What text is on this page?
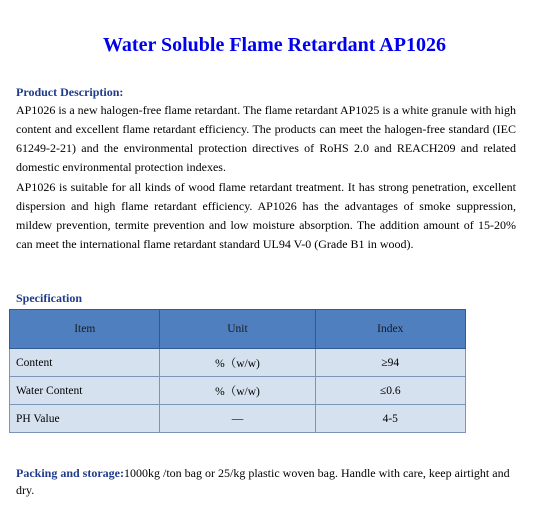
Water Soluble Flame Retardant AP1026
Product Description:

AP1026 is a new halogen-free flame retardant. The flame retardant AP1025 is a white granule with high content and excellent flame retardant efficiency. The products can meet the halogen-free standard (IEC 61249-2-21) and the environmental protection directives of RoHS 2.0 and REACH209 and related domestic environmental protection indexes.

AP1026 is suitable for all kinds of wood flame retardant treatment. It has strong penetration, excellent dispersion and high flame retardant efficiency. AP1026 has the advantages of smoke suppression, mildew prevention, termite prevention and low moisture absorption. The addition amount of 15-20% can meet the international flame retardant standard UL94 V-0 (Grade B1 in wood).

Specification
Item	Unit	Index
Content	%（w/w)	≥94
Water Content	%（w/w)	≤0.6
PH Value	—	4-5
Packing and storage:1000kg /ton bag or 25/kg plastic woven bag. Handle with care, keep airtight and dry.
